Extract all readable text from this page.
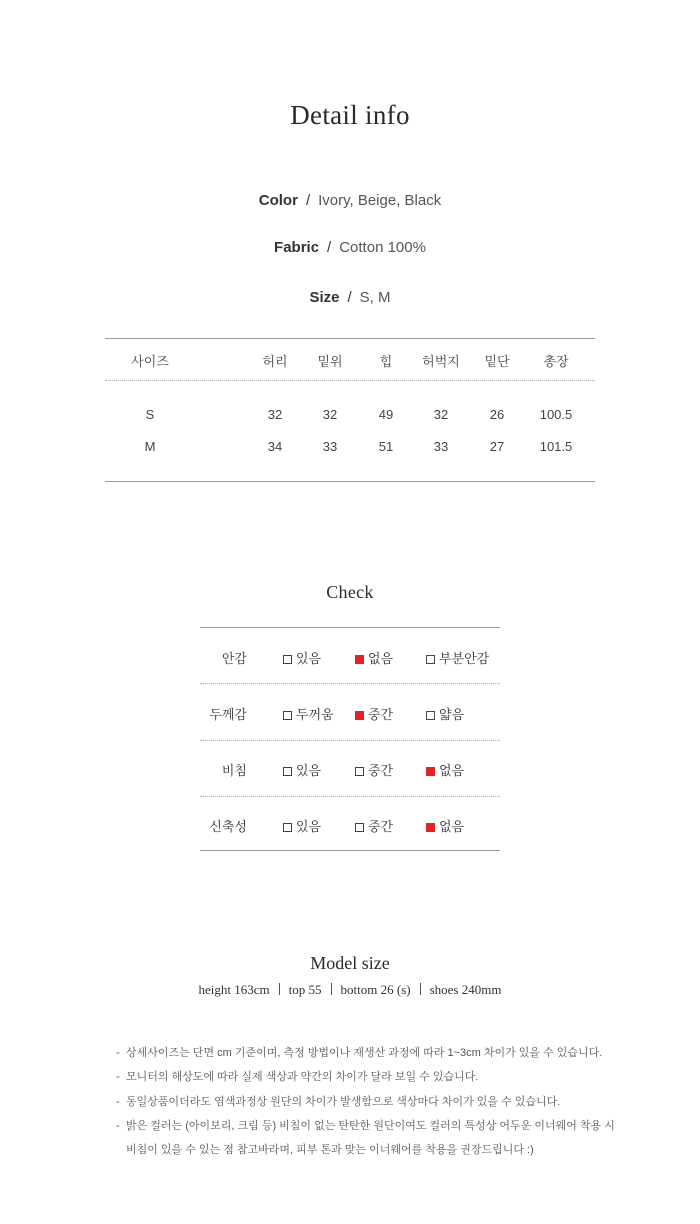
Detail info
Color / Ivory, Beige, Black
Fabric / Cotton 100%
Size / S, M
사이즈	허리	밑위	힙	허벅지	밑단	총장
S	32	32	49	32	26	100.5
M	34	33	51	33	27	101.5
Check
안감	있음	없음	부분안감
두께감	두꺼움	중간	얇음
비침	있음	중간	없음
신축성	있음	중간	없음
Model size
height 163cm top 55 bottom 26 (s) shoes 240mm
- 상세사이즈는 단면 cm 기준이며, 측정 방법이나 재생산 과정에 따라 1~3cm 차이가 있을 수 있습니다.
- 모니터의 해상도에 따라 실제 색상과 약간의 차이가 달라 보일 수 있습니다.
- 동일상품이더라도 염색과정상 원단의 차이가 발생함으로 색상마다 차이가 있을 수 있습니다.
- 밝은 컬러는 (아이보리, 크림 등) 비침이 없는 탄탄한 원단이여도 컬러의 특성상 어두운 이너웨어 착용 시
비침이 있을 수 있는 점 참고바라며, 피부 톤과 맞는 이너웨어를 착용을 권장드립니다 :)
